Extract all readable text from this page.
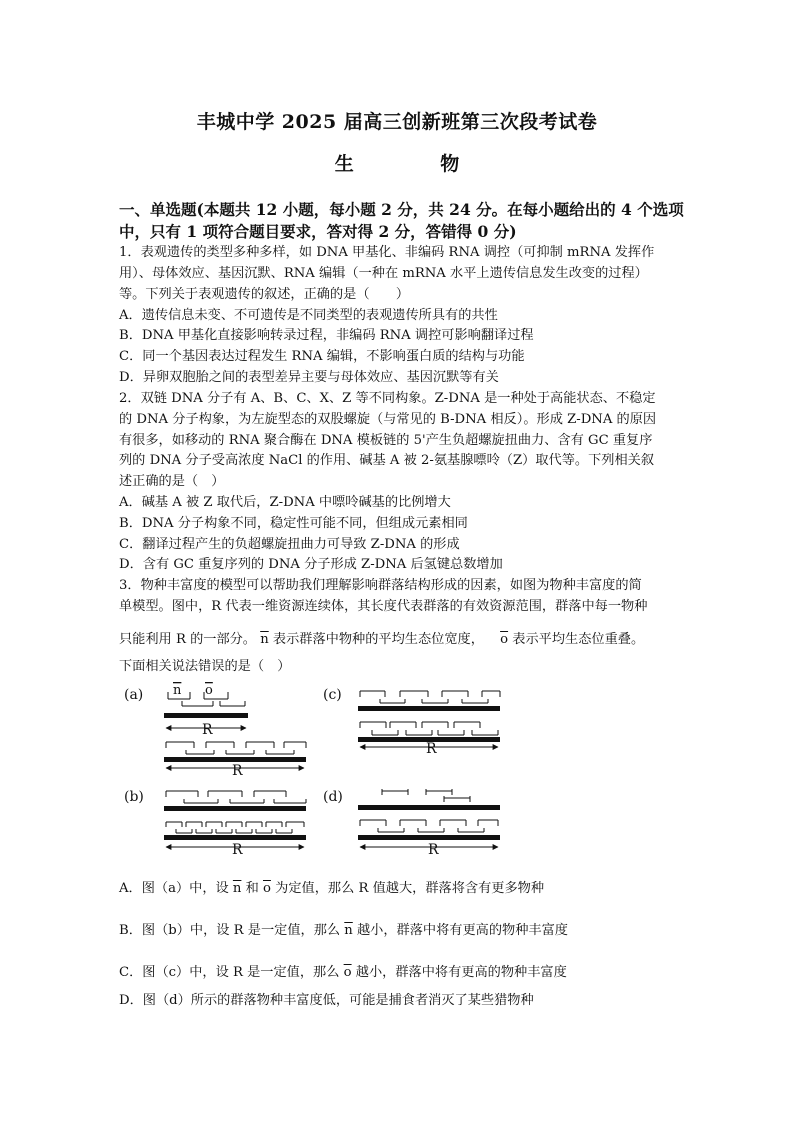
丰城中学 2025 届高三创新班第三次段考试卷
生 物
一、单选题(本题共 12 小题，每小题 2 分，共 24 分。在每小题给出的 4 个选项
中，只有 1 项符合题目要求，答对得 2 分，答错得 0 分)
1．表观遗传的类型多种多样，如 DNA 甲基化、非编码 RNA 调控（可抑制 mRNA 发挥作
用）、母体效应、基因沉默、RNA 编辑（一种在 mRNA 水平上遗传信息发生改变的过程）
等。下列关于表观遗传的叙述，正确的是（　　）
A．遗传信息未变、不可遗传是不同类型的表观遗传所具有的共性
B．DNA 甲基化直接影响转录过程，非编码 RNA 调控可影响翻译过程
C．同一个基因表达过程发生 RNA 编辑，不影响蛋白质的结构与功能
D．异卵双胞胎之间的表型差异主要与母体效应、基因沉默等有关
2．双链 DNA 分子有 A、B、C、X、Z 等不同构象。Z-DNA 是一种处于高能状态、不稳定
的 DNA 分子构象，为左旋型态的双股螺旋（与常见的 B-DNA 相反）。形成 Z-DNA 的原因
有很多，如移动的 RNA 聚合酶在 DNA 模板链的 5'产生负超螺旋扭曲力、含有 GC 重复序
列的 DNA 分子受高浓度 NaCl 的作用、碱基 A 被 2-氨基腺嘌呤（Z）取代等。下列相关叙
述正确的是（　）
A．碱基 A 被 Z 取代后，Z-DNA 中嘌呤碱基的比例增大
B．DNA 分子构象不同，稳定性可能不同，但组成元素相同
C．翻译过程产生的负超螺旋扭曲力可导致 Z-DNA 的形成
D．含有 GC 重复序列的 DNA 分子形成 Z-DNA 后氢键总数增加
3．物种丰富度的模型可以帮助我们理解影响群落结构形成的因素，如图为物种丰富度的简
单模型。图中，R 代表一维资源连续体，其长度代表群落的有效资源范围，群落中每一物种
只能利用 R 的一部分。 $\overline{n}$ 表示群落中物种的平均生态位宽度， $\overline{o}$ 表示平均生态位重叠。
下面相关说法错误的是（　）
(a) n o
R
R
(c)
R
(b)
R
(d)
R
A．图（a）中，设 $\overline{n}$ 和 $\overline{o}$ 为定值，那么 R 值越大，群落将含有更多物种
B．图（b）中，设 R 是一定值，那么 $\overline{n}$ 越小，群落中将有更高的物种丰富度
C．图（c）中，设 R 是一定值，那么 $\overline{o}$ 越小，群落中将有更高的物种丰富度
D．图（d）所示的群落物种丰富度低，可能是捕食者消灭了某些猎物种
